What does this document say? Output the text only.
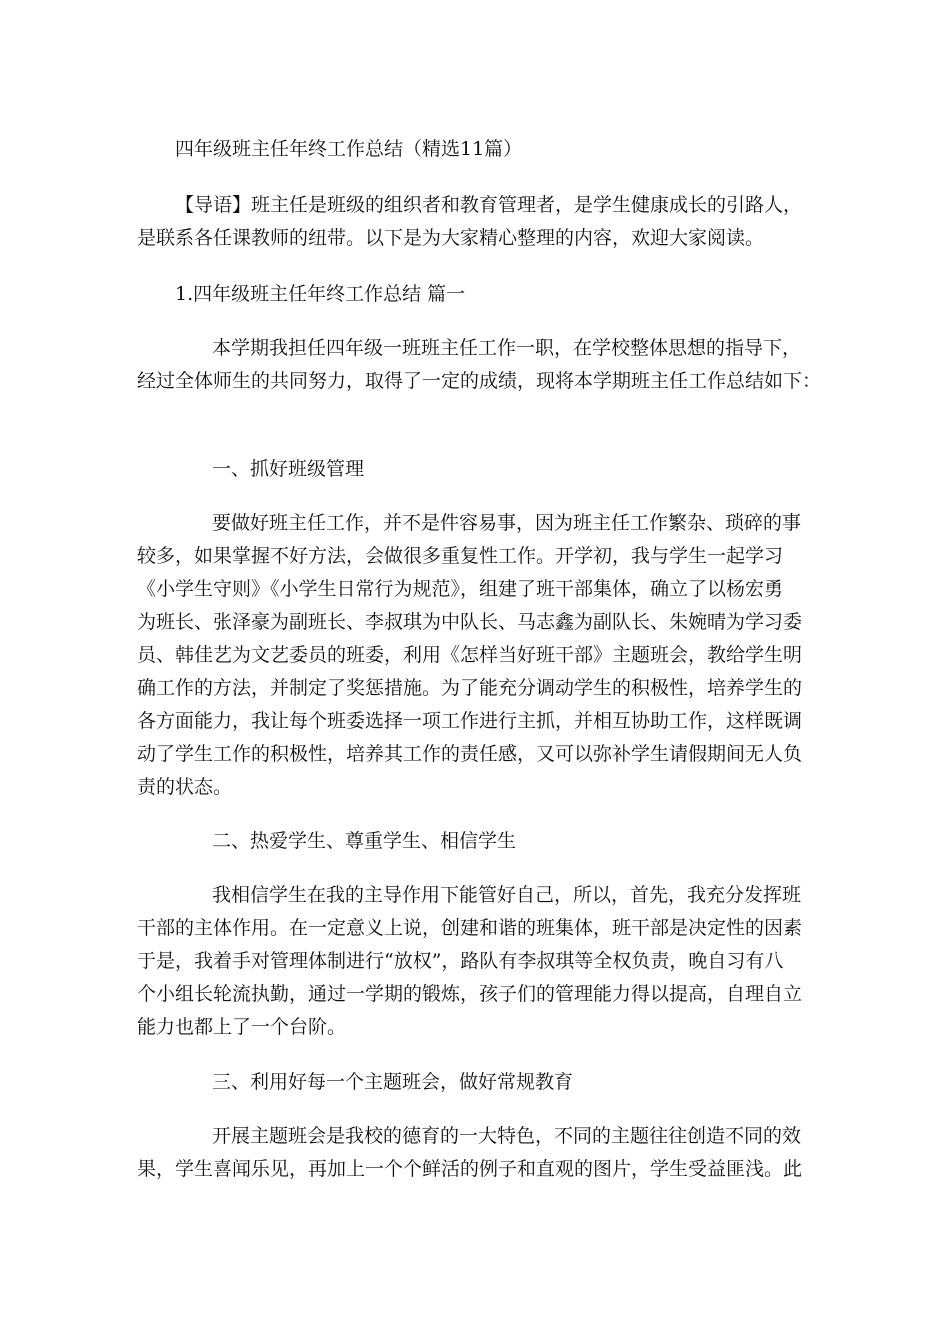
四年级班主任年终工作总结（精选11篇）
【导语】班主任是班级的组织者和教育管理者，是学生健康成长的引路人，
是联系各任课教师的纽带。以下是为大家精心整理的内容，欢迎大家阅读。
1.四年级班主任年终工作总结 篇一
本学期我担任四年级一班班主任工作一职，在学校整体思想的指导下，
经过全体师生的共同努力，取得了一定的成绩，现将本学期班主任工作总结如下：
一、抓好班级管理
要做好班主任工作，并不是件容易事，因为班主任工作繁杂、琐碎的事
较多，如果掌握不好方法，会做很多重复性工作。开学初，我与学生一起学习
《小学生守则》《小学生日常行为规范》，组建了班干部集体，确立了以杨宏勇
为班长、张泽豪为副班长、李叔琪为中队长、马志鑫为副队长、朱婉晴为学习委
员、韩佳艺为文艺委员的班委，利用《怎样当好班干部》主题班会，教给学生明
确工作的方法，并制定了奖惩措施。为了能充分调动学生的积极性，培养学生的
各方面能力，我让每个班委选择一项工作进行主抓，并相互协助工作，这样既调
动了学生工作的积极性，培养其工作的责任感，又可以弥补学生请假期间无人负
责的状态。
二、热爱学生、尊重学生、相信学生
我相信学生在我的主导作用下能管好自己，所以，首先，我充分发挥班
干部的主体作用。在一定意义上说，创建和谐的班集体，班干部是决定性的因素
于是，我着手对管理体制进行“放权”，路队有李叔琪等全权负责，晚自习有八
个小组长轮流执勤，通过一学期的锻炼，孩子们的管理能力得以提高，自理自立
能力也都上了一个台阶。
三、利用好每一个主题班会，做好常规教育
开展主题班会是我校的德育的一大特色，不同的主题往往创造不同的效
果，学生喜闻乐见，再加上一个个鲜活的例子和直观的图片，学生受益匪浅。此
